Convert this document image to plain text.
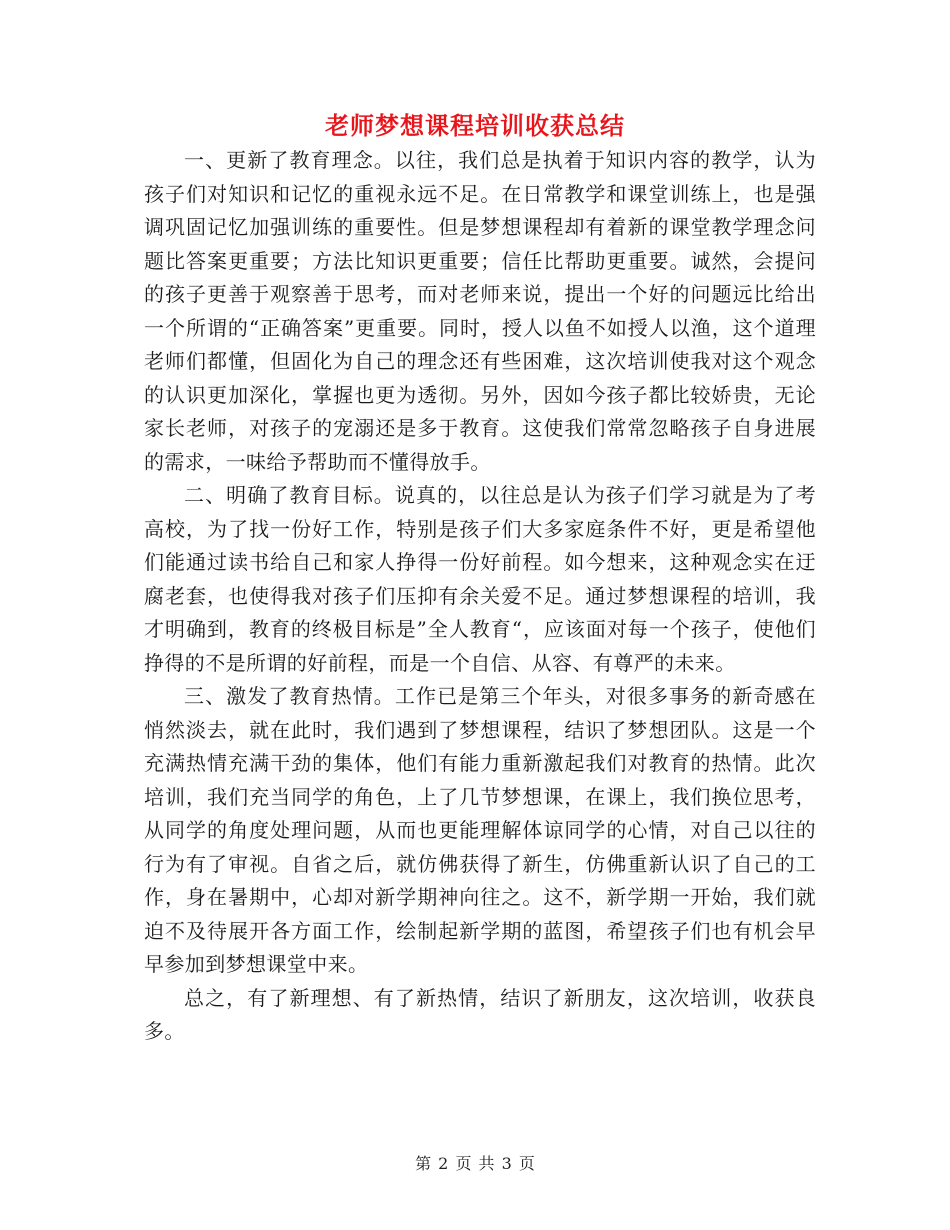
老师梦想课程培训收获总结

一、更新了教育理念。以往，我们总是执着于知识内容的教学，认为孩子们对知识和记忆的重视永远不足。在日常教学和课堂训练上，也是强调巩固记忆加强训练的重要性。但是梦想课程却有着新的课堂教学理念问题比答案更重要；方法比知识更重要；信任比帮助更重要。诚然，会提问的孩子更善于观察善于思考，而对老师来说，提出一个好的问题远比给出一个所谓的“正确答案”更重要。同时，授人以鱼不如授人以渔，这个道理老师们都懂，但固化为自己的理念还有些困难，这次培训使我对这个观念的认识更加深化，掌握也更为透彻。另外，因如今孩子都比较娇贵，无论家长老师，对孩子的宠溺还是多于教育。这使我们常常忽略孩子自身进展的需求，一味给予帮助而不懂得放手。

二、明确了教育目标。说真的，以往总是认为孩子们学习就是为了考高校，为了找一份好工作，特别是孩子们大多家庭条件不好，更是希望他们能通过读书给自己和家人挣得一份好前程。如今想来，这种观念实在迂腐老套，也使得我对孩子们压抑有余关爱不足。通过梦想课程的培训，我才明确到，教育的终极目标是”全人教育“，应该面对每一个孩子，使他们挣得的不是所谓的好前程，而是一个自信、从容、有尊严的未来。

三、激发了教育热情。工作已是第三个年头，对很多事务的新奇感在悄然淡去，就在此时，我们遇到了梦想课程，结识了梦想团队。这是一个充满热情充满干劲的集体，他们有能力重新激起我们对教育的热情。此次培训，我们充当同学的角色，上了几节梦想课，在课上，我们换位思考，从同学的角度处理问题，从而也更能理解体谅同学的心情，对自己以往的行为有了审视。自省之后，就仿佛获得了新生，仿佛重新认识了自己的工作，身在暑期中，心却对新学期神向往之。这不，新学期一开始，我们就迫不及待展开各方面工作，绘制起新学期的蓝图，希望孩子们也有机会早早参加到梦想课堂中来。

总之，有了新理想、有了新热情，结识了新朋友，这次培训，收获良多。

第 2 页 共 3 页
